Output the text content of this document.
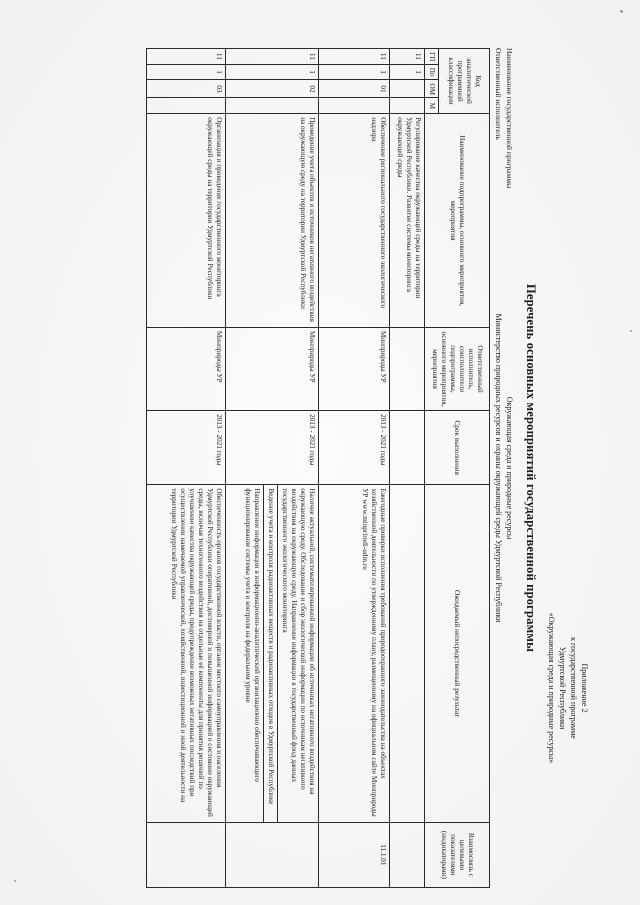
Приложение 2
к государственной программе
Удмуртской Республики
«Окружающая среда и природные ресурсы»
Перечень основных мероприятий государственной программы
Наименование государственной программы
Окружающая среда и природные ресурсы
Ответственный исполнитель
Министерство природных ресурсов и охраны окружающей среды Удмуртской Республики
Код аналитической программной классификации				Наименование подпрограммы, основного мероприятия, мероприятия	Ответственный исполнитель, соисполнители подпрограммы, основного мероприятия, мероприятия	Срок выполнения	Ожидаемый непосредственный результат	Взаимосвязь с целевыми показателями (индикаторами)
ГП	Пп	ОМ	М					
11	1			Регулирование качества окружающей среды на территории Удмуртской Республики. Развитие системы мониторинга окружающей среды				
11	1	01		Обеспечение регионального государственного экологического надзора	Минприроды УР	2013 - 2021 годы	Ежегодные проверки исполнения требований природоохранного законодательства на объектах хозяйственной деятельности по утвержденному плану, размещенному на официальном сайте Минприроды УР www.minprirodi-udm.ru	11.1.01
11	1	02		Проведение учета объектов и источников негативного воздействия на окружающую среду на территории Удмуртской Республики	Минприроды УР	2013 - 2021 годы	Наличие актуальной, систематизированной информации об источниках негативного воздействия на окружающую среду. Обследование и сбор экологической информации по источникам негативного воздействия на окружающую среду. Направление информации в государственный фонд данных государственного экологического мониторинга
Ведение учета и контроля радиоактивных веществ и радиоактивных отходов в Удмуртской Республике
Направление информации в информационно-аналитический организационно обеспечивающего функционирование системы учета и контроля на федеральном уровне	

11	1	03		Организация и проведение государственного мониторинга окружающей среды на территории Удмуртской Республики	Минприроды УР	2013 - 2021 годы	Обеспеченность органов государственной власти, органов местного самоуправления и населения Удмуртской Республики оперативной, достоверной и повышенной информацией о состоянии окружающей среды, включая техногенного воздействия на отдельные её компоненты для принятия решений по улучшению качества окружающей среды, предупреждение возможных негативных последствий при осуществлении намечаемой управленческой, хозяйственной, инвестиционной и иной деятельности на территории Удмуртской Республики	
